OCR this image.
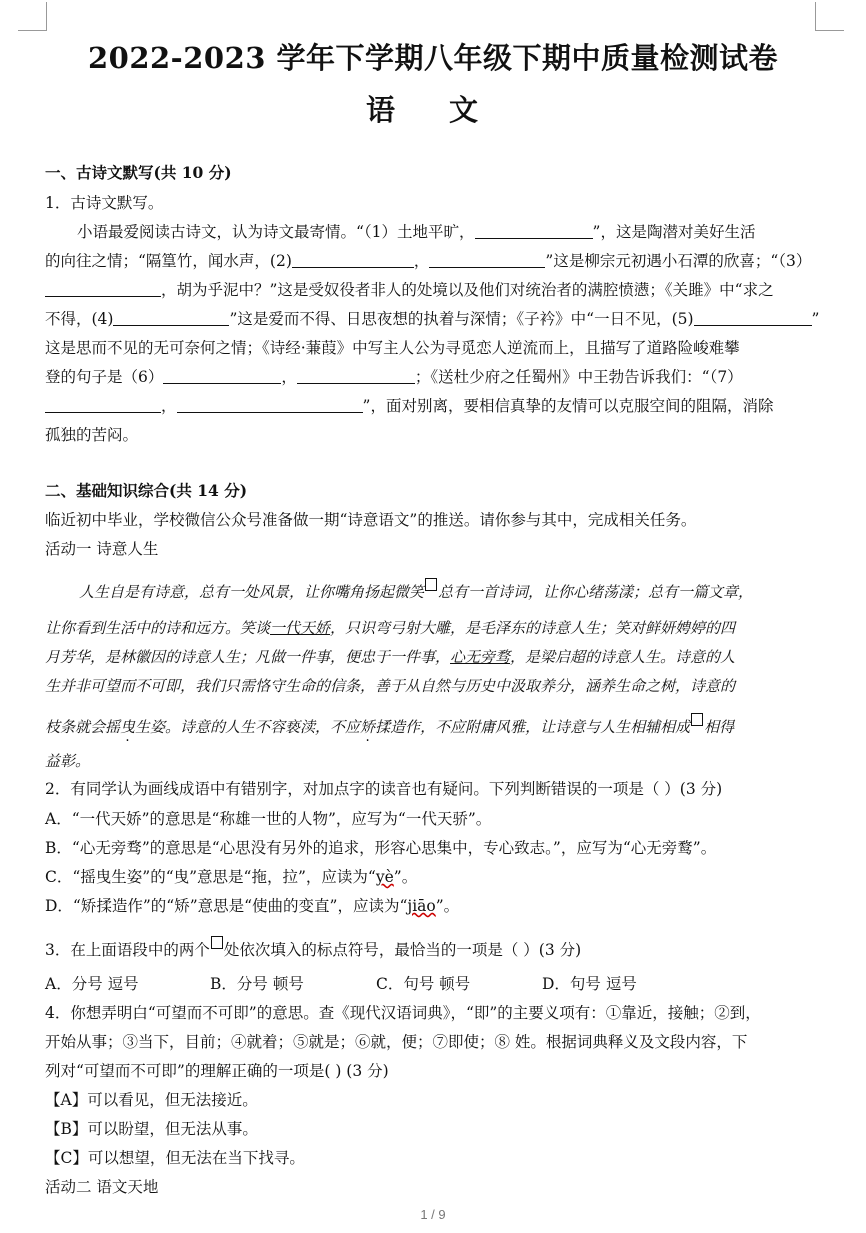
2022-2023 学年下学期八年级下期中质量检测试卷
语 文
一、古诗文默写(共 10 分)
1．古诗文默写。
小语最爱阅读古诗文，认为诗文最寄情。“（1）土地平旷，	”，这是陶潜对美好生活
的向往之情；“隔篁竹，闻水声，(2)	，	”这是柳宗元初遇小石潭的欣喜；“（3）
，胡为乎泥中？”这是受奴役者非人的处境以及他们对统治者的满腔愤懑；《关雎》中“求之
不得，(4)	”这是爱而不得、日思夜想的执着与深情；《子衿》中“一日不见，(5)	”
这是思而不见的无可奈何之情；《诗经·蒹葭》中写主人公为寻觅恋人逆流而上，且描写了道路险峻难攀
登的句子是（6）	，	；《送杜少府之任蜀州》中王勃告诉我们：“（7）
，	”，面对别离，要相信真挚的友情可以克服空间的阻隔，消除
孤独的苦闷。
二、基础知识综合(共 14 分)
临近初中毕业，学校微信公众号准备做一期“诗意语文”的推送。请你参与其中，完成相关任务。
活动一 诗意人生
人生自是有诗意，总有一处风景，让你嘴角扬起微笑 总有一首诗词，让你心绪荡漾；总有一篇文章，
让你看到生活中的诗和远方。笑谈一代天娇，只识弯弓射大雕，是毛泽东的诗意人生；笑对鲜妍娉婷的四
月芳华，是林徽因的诗意人生；凡做一件事，便忠于一件事，心无旁骛，是梁启超的诗意人生。诗意的人
生并非可望而不可即，我们只需恪守生命的信条，善于从自然与历史中汲取养分，涵养生命之树，诗意的
枝条就会摇曳生姿。诗意的人生不容亵渎，不应矫揉造作，不应附庸风雅，让诗意与人生相辅相成 相得
益彰。
2．有同学认为画线成语中有错别字，对加点字的读音也有疑问。下列判断错误的一项是（ ）(3 分)
A．“一代天娇”的意思是“称雄一世的人物”，应写为“一代天骄”。
B．“心无旁骛”的意思是“心思没有另外的追求，形容心思集中，专心致志。”，应写为“心无旁鹜”。
C．“摇曳生姿”的“曳”意思是“拖，拉”，应读为“yè”。
D．“矫揉造作”的“矫”意思是“使曲的变直”，应读为“jiāo”。
3．在上面语段中的两个 处依次填入的标点符号，最恰当的一项是（ ）(3 分)
A．分号 逗号	B．分号 顿号	C．句号 顿号	D．句号 逗号
4．你想弄明白“可望而不可即”的意思。查《现代汉语词典》，“即”的主要义项有：①靠近，接触；②到，
开始从事；③当下，目前；④就着；⑤就是；⑥就，便；⑦即使；⑧ 姓。根据词典释义及文段内容，下
列对“可望而不可即”的理解正确的一项是( ) (3 分)
【A】可以看见，但无法接近。
【B】可以盼望，但无法从事。
【C】可以想望，但无法在当下找寻。
活动二 语文天地
1 / 9
